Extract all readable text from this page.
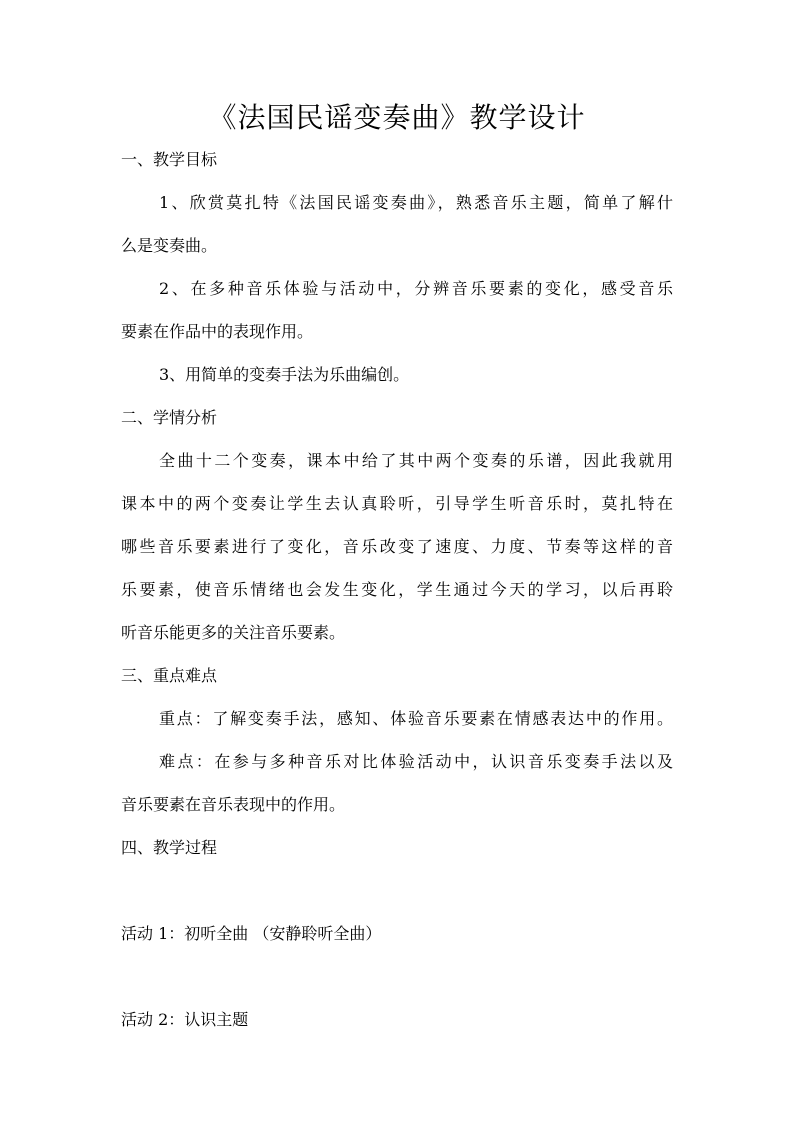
《法国民谣变奏曲》教学设计
一、教学目标
1、欣赏莫扎特《法国民谣变奏曲》，熟悉音乐主题，简单了解什
么是变奏曲。
2、在多种音乐体验与活动中，分辨音乐要素的变化，感受音乐
要素在作品中的表现作用。
3、用简单的变奏手法为乐曲编创。
二、学情分析
全曲十二个变奏，课本中给了其中两个变奏的乐谱，因此我就用
课本中的两个变奏让学生去认真聆听，引导学生听音乐时，莫扎特在
哪些音乐要素进行了变化，音乐改变了速度、力度、节奏等这样的音
乐要素，使音乐情绪也会发生变化，学生通过今天的学习，以后再聆
听音乐能更多的关注音乐要素。
三、重点难点
重点：了解变奏手法，感知、体验音乐要素在情感表达中的作用。
难点：在参与多种音乐对比体验活动中，认识音乐变奏手法以及
音乐要素在音乐表现中的作用。
四、教学过程
活动 1：初听全曲 （安静聆听全曲）
活动 2：认识主题
